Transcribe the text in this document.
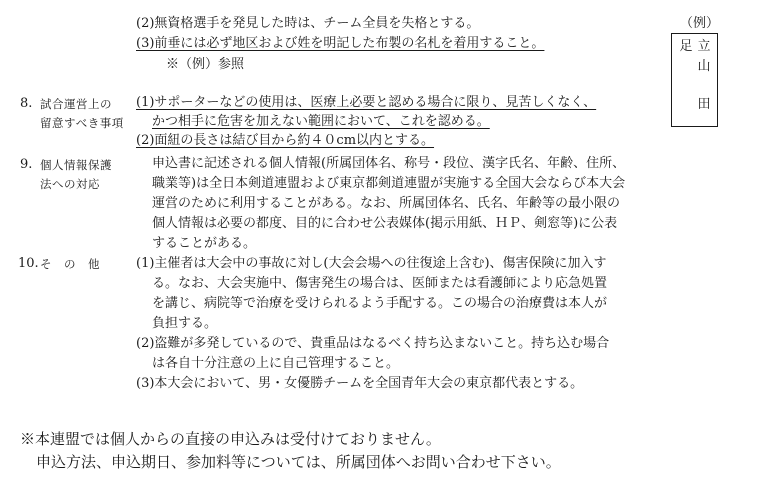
(2)無資格選手を発見した時は、チーム全員を失格とする。
(3)前垂には必ず地区および姓を明記した布製の名札を着用すること。
※（例）参照
（例）
足 立
山
田
8. 試合運営上の
留意すべき事項
(1)サポーターなどの使用は、医療上必要と認める場合に限り、見苦しくなく、
かつ相手に危害を加えない範囲において、これを認める。
(2)面紐の長さは結び目から約４０cm以内とする。
9. 個人情報保護
法への対応
申込書に記述される個人情報(所属団体名、称号・段位、漢字氏名、年齢、住所、
職業等)は全日本剣道連盟および東京都剣道連盟が実施する全国大会ならび本大会
運営のために利用することがある。なお、所属団体名、氏名、年齢等の最小限の
個人情報は必要の都度、目的に合わせ公表媒体(掲示用紙、ＨＰ、剣窓等)に公表
することがある。
10. そ　の　他	(1)主催者は大会中の事故に対し(大会会場への往復途上含む)、傷害保険に加入す
る。なお、大会実施中、傷害発生の場合は、医師または看護師により応急処置
を講じ、病院等で治療を受けられるよう手配する。この場合の治療費は本人が
負担する。
(2)盗難が多発しているので、貴重品はなるべく持ち込まないこと。持ち込む場合
は各自十分注意の上に自己管理すること。
(3)本大会において、男・女優勝チームを全国青年大会の東京都代表とする。
※本連盟では個人からの直接の申込みは受付けておりません。
申込方法、申込期日、参加料等については、所属団体へお問い合わせ下さい。
